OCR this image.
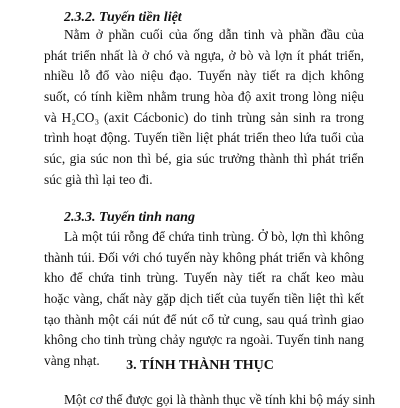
2.3.2. Tuyến tiền liệt
Nằm ở phần cuối của ống dẫn tinh và phần đầu của
phát triển nhất là ở chó và ngựa, ở bò và lợn ít phát triển,
nhiều lỗ đổ vào niệu đạo. Tuyến này tiết ra dịch không
suốt, có tính kiềm nhằm trung hòa độ axit trong lòng niệu
và H₂CO₃ (axit Cácbonic) do tinh trùng sản sinh ra trong
trình hoạt động. Tuyến tiền liệt phát triển theo lứa tuổi của
súc, gia súc non thì bé, gia súc trưởng thành thì phát triển
súc già thì lại teo đi.
2.3.3. Tuyến tinh nang
Là một túi rỗng để chứa tinh trùng. Ở bò, lợn thì không
thành túi. Đối với chó tuyến này không phát triển và không
kho để chứa tinh trùng. Tuyến này tiết ra chất keo màu
hoặc vàng, chất này gặp dịch tiết của tuyến tiền liệt thì kết
tạo thành một cái nút để nút cổ tử cung, sau quá trình giao
không cho tinh trùng chảy ngược ra ngoài. Tuyến tinh nang
vàng nhạt.	3. TÍNH THÀNH THỤC

Một cơ thể được gọi là thành thục về tính khi bộ máy sinh
